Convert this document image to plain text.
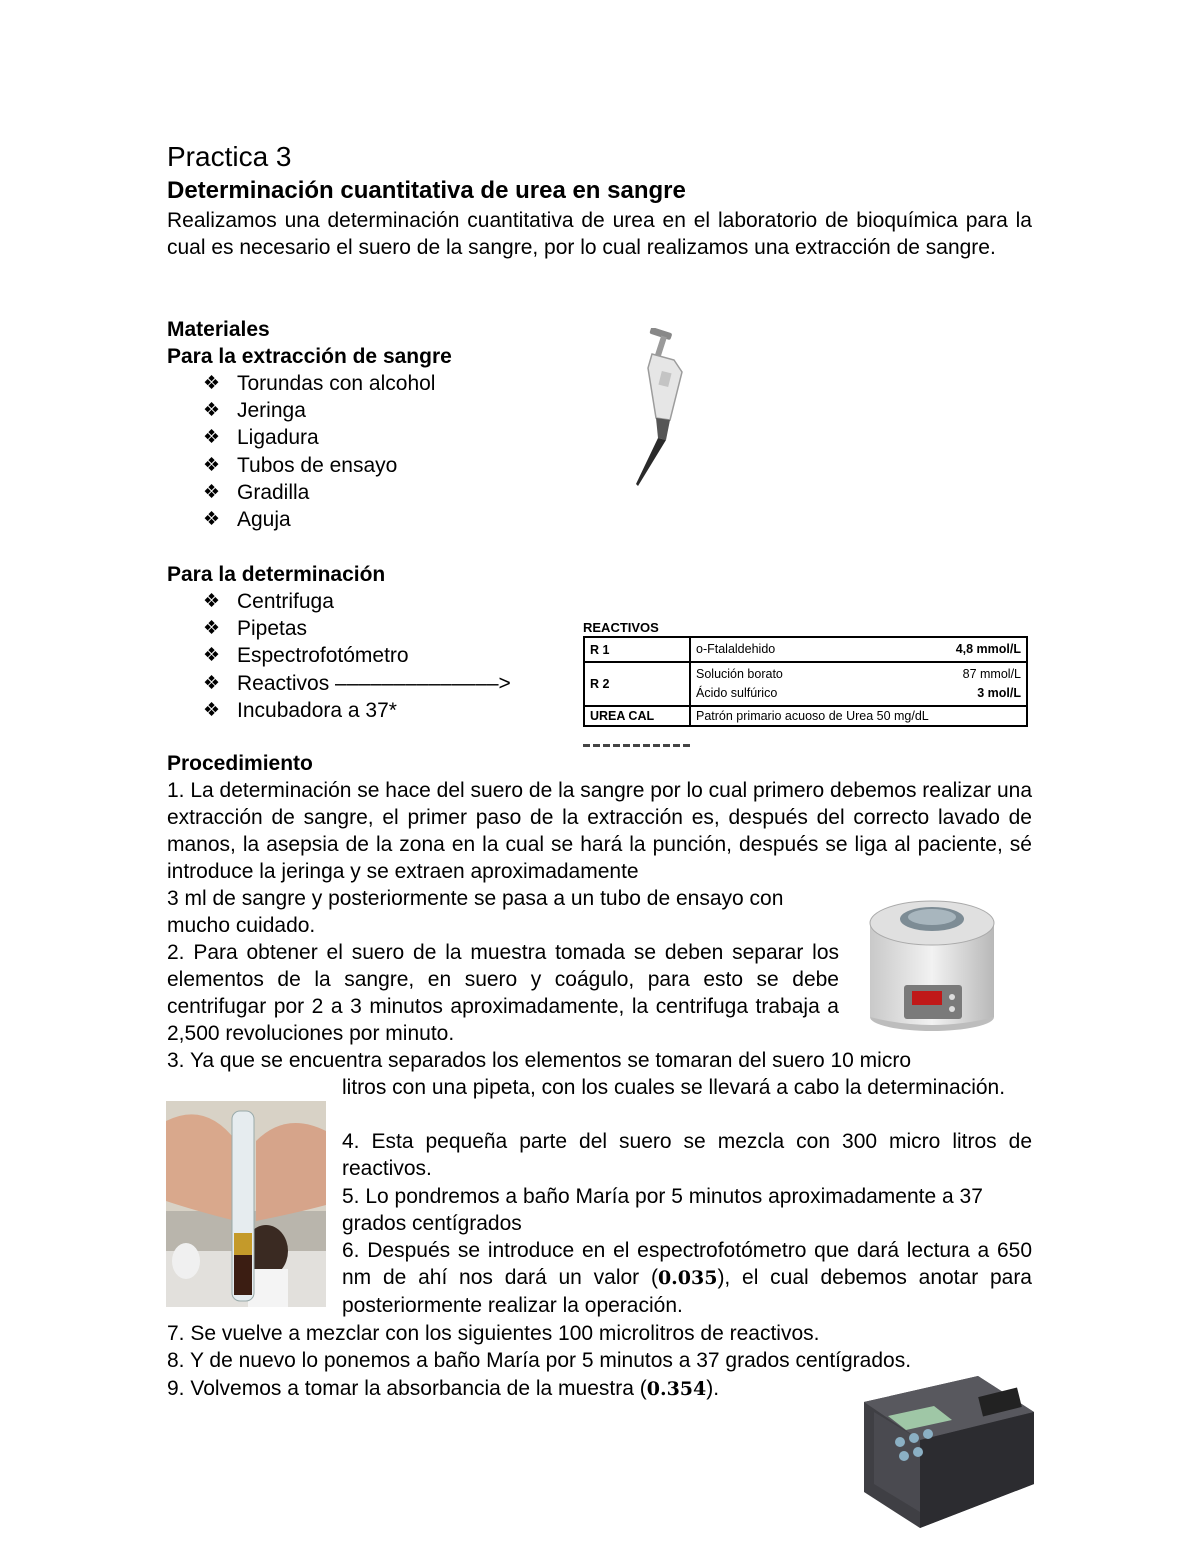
Practica 3
Determinación cuantitativa de urea en sangre
Realizamos una determinación cuantitativa de urea en el laboratorio de bioquímica para la cual es necesario el suero de la sangre, por lo cual realizamos una extracción de sangre.
Materiales
Para la extracción de sangre
❖ Torundas con alcohol
❖ Jeringa
❖ Ligadura
❖ Tubos de ensayo
❖ Gradilla
❖ Aguja
Para la determinación
❖ Centrifuga
❖ Pipetas
❖ Espectrofotómetro
❖ Reactivos ––––––––––––––>
❖ Incubadora a 37*
REACTIVOS
R 1	o-Ftalaldehido 4,8 mmol/L

R 2	Solución borato 87 mmol/L
Ácido sulfúrico 3 mol/L

UREA CAL	Patrón primario acuoso de Urea 50 mg/dL
Procedimiento
1. La determinación se hace del suero de la sangre por lo cual primero debemos realizar una extracción de sangre, el primer paso de la extracción es, después del correcto lavado de manos, la asepsia de la zona en la cual se hará la punción, después se liga al paciente, sé introduce la jeringa y se extraen aproximadamente
3 ml de sangre y posteriormente se pasa a un tubo de ensayo con mucho cuidado.
2. Para obtener el suero de la muestra tomada se deben separar los elementos de la sangre, en suero y coágulo, para esto se debe centrifugar por 2 a 3 minutos aproximadamente, la centrifuga trabaja a 2,500 revoluciones por minuto.
3. Ya que se encuentra separados los elementos se tomaran del suero 10 micro
litros con una pipeta, con los cuales se llevará a cabo la determinación.
4. Esta pequeña parte del suero se mezcla con 300 micro litros de reactivos.
5. Lo pondremos a baño María por 5 minutos aproximadamente a 37 grados centígrados
6. Después se introduce en el espectrofotómetro que dará lectura a 650 nm de ahí nos dará un valor (0.035), el cual debemos anotar para posteriormente realizar la operación.
7. Se vuelve a mezclar con los siguientes 100 microlitros de reactivos.
8. Y de nuevo lo ponemos a baño María por 5 minutos a 37 grados centígrados.
9. Volvemos a tomar la absorbancia de la muestra (0.354).
